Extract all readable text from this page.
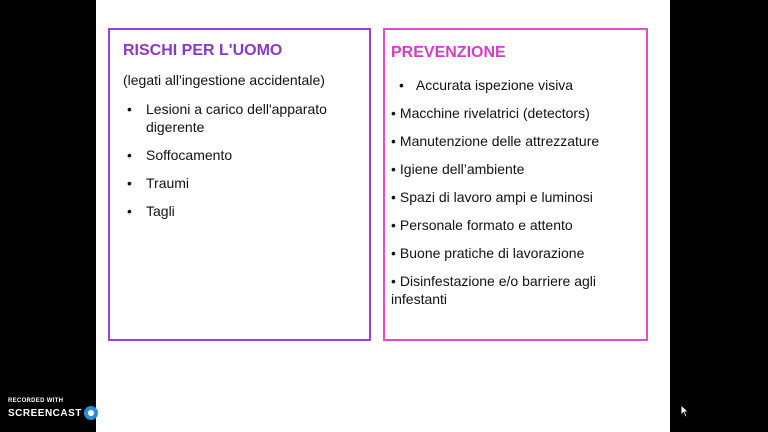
RISCHI PER L'UOMO
(legati all'ingestione accidentale)
• Lesioni a carico dell'apparato digerente
• Soffocamento
• Traumi
• Tagli
PREVENZIONE
• Accurata ispezione visiva
• Macchine rivelatrici (detectors)
• Manutenzione delle attrezzature
• Igiene dell’ambiente
• Spazi di lavoro ampi e luminosi
• Personale formato e attento
• Buone pratiche di lavorazione
• Disinfestazione e/o barriere agli infestanti
RECORDED WITH
SCREENCAST MATIC
